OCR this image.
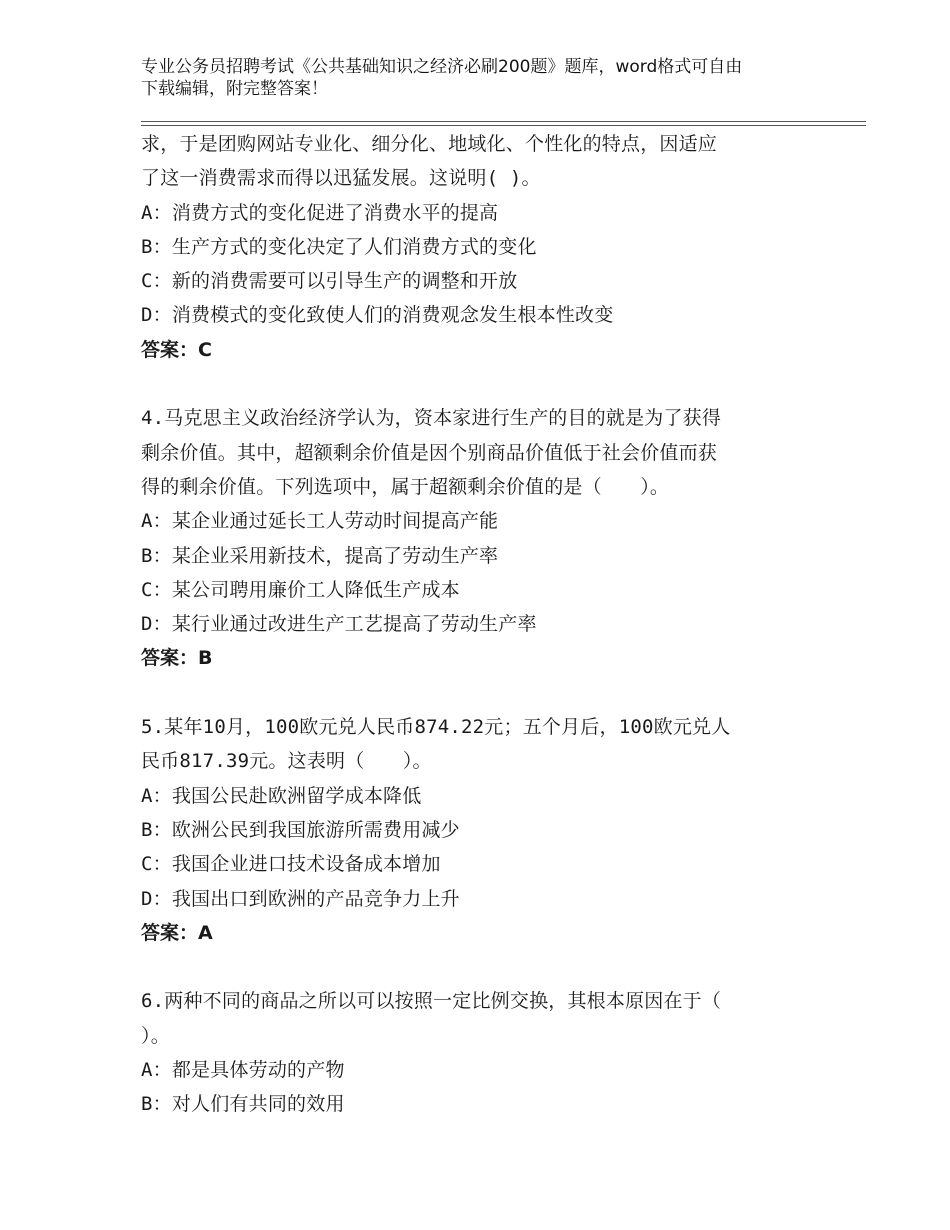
专业公务员招聘考试《公共基础知识之经济必刷200题》题库，word格式可自由
下载编辑，附完整答案！
求，于是团购网站专业化、细分化、地域化、个性化的特点，因适应
了这一消费需求而得以迅猛发展。这说明( )。
A：消费方式的变化促进了消费水平的提高
B：生产方式的变化决定了人们消费方式的变化
C：新的消费需要可以引导生产的调整和开放
D：消费模式的变化致使人们的消费观念发生根本性改变
答案：C
4.马克思主义政治经济学认为，资本家进行生产的目的就是为了获得
剩余价值。其中，超额剩余价值是因个别商品价值低于社会价值而获
得的剩余价值。下列选项中，属于超额剩余价值的是（　　）。
A：某企业通过延长工人劳动时间提高产能
B：某企业采用新技术，提高了劳动生产率
C：某公司聘用廉价工人降低生产成本
D：某行业通过改进生产工艺提高了劳动生产率
答案：B
5.某年10月，100欧元兑人民币874.22元；五个月后，100欧元兑人
民币817.39元。这表明（　　）。
A：我国公民赴欧洲留学成本降低
B：欧洲公民到我国旅游所需费用减少
C：我国企业进口技术设备成本增加
D：我国出口到欧洲的产品竞争力上升
答案：A
6.两种不同的商品之所以可以按照一定比例交换，其根本原因在于（
）。
A：都是具体劳动的产物
B：对人们有共同的效用
